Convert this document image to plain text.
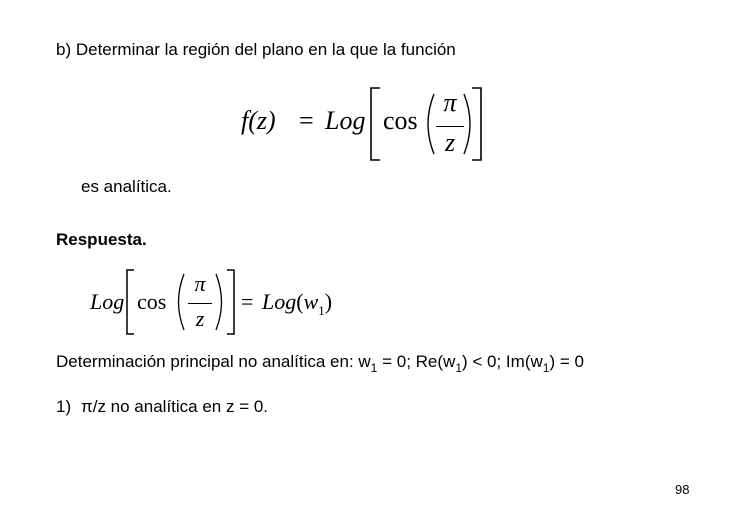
b) Determinar la región del plano en la que la función
f(z) = Log cos
π
z
es analítica.
Respuesta.
Log cos
π
z
= $Log(w_1)$
Determinación principal no analítica en: $w_1 = 0$; $Re(w_1) < 0$; $Im(w_1) = 0$
1) π/z no analítica en z = 0.
98
